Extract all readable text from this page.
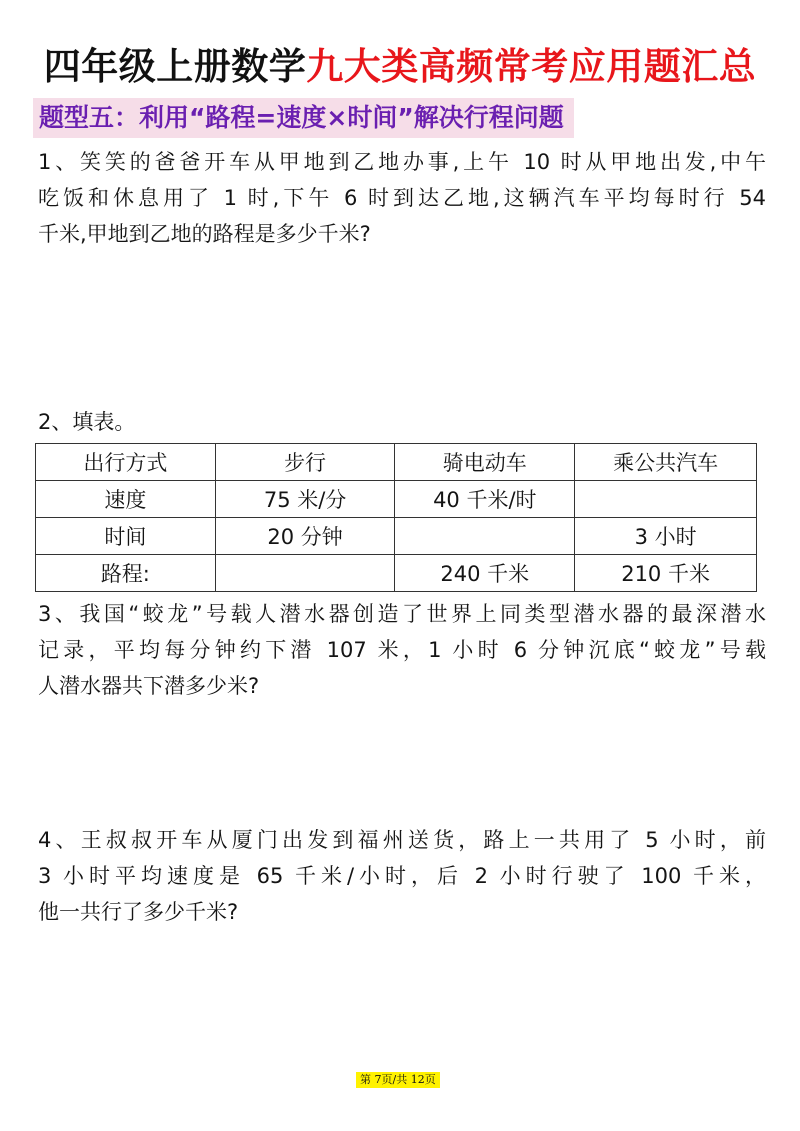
四年级上册数学九大类高频常考应用题汇总
题型五：利用“路程=速度×时间”解决行程问题
1、笑笑的爸爸开车从甲地到乙地办事,上午 10 时从甲地出发,中午
吃饭和休息用了 1 时,下午 6 时到达乙地,这辆汽车平均每时行 54
千米,甲地到乙地的路程是多少千米?
2、填表。
出行方式	步行	骑电动车	乘公共汽车
速度	75 米/分	40 千米/时	
时间	20 分钟		3 小时
路程:		240 千米	210 千米
3、我国“蛟龙”号载人潜水器创造了世界上同类型潜水器的最深潜水
记录，平均每分钟约下潜 107 米，1 小时 6 分钟沉底“蛟龙”号载
人潜水器共下潜多少米?
4、王叔叔开车从厦门出发到福州送货，路上一共用了 5 小时，前
3 小时平均速度是 65 千米/小时，后 2 小时行驶了 100 千米，
他一共行了多少千米?
第 7页/共 12页
